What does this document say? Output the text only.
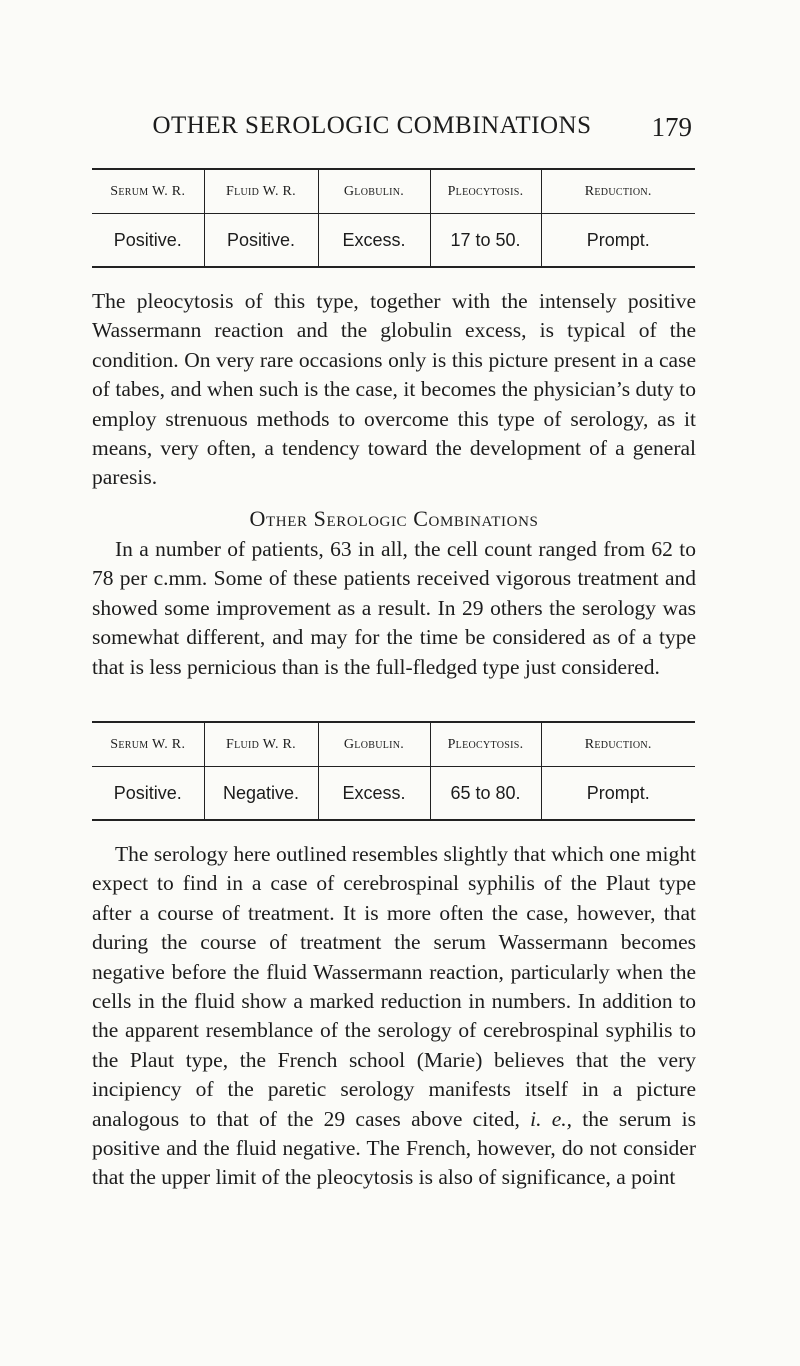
OTHER SEROLOGIC COMBINATIONS	179
Serum W. R.	Fluid W. R.	Globulin.	Pleocytosis.	Reduction.
Positive.	Positive.	Excess.	17 to 50.	Prompt.

The pleocytosis of this type, together with the intensely positive Wassermann reaction and the globulin excess, is typical of the condition. On very rare occasions only is this picture present in a case of tabes, and when such is the case, it becomes the physician’s duty to employ strenuous methods to overcome this type of serology, as it means, very often, a tendency toward the development of a general paresis.

Other Serologic Combinations

In a number of patients, 63 in all, the cell count ranged from 62 to 78 per c.mm. Some of these patients received vigorous treatment and showed some improvement as a result. In 29 others the serology was somewhat different, and may for the time be considered as of a type that is less pernicious than is the full-fledged type just considered.

Serum W. R.	Fluid W. R.	Globulin.	Pleocytosis.	Reduction.
Positive.	Negative.	Excess.	65 to 80.	Prompt.

The serology here outlined resembles slightly that which one might expect to find in a case of cerebrospinal syphilis of the Plaut type after a course of treatment. It is more often the case, however, that during the course of treatment the serum Wassermann becomes negative before the fluid Wassermann reaction, particularly when the cells in the fluid show a marked reduction in numbers. In addition to the apparent resemblance of the serology of cerebrospinal syphilis to the Plaut type, the French school (Marie) believes that the very incipiency of the paretic serology manifests itself in a picture analogous to that of the 29 cases above cited, i. e., the serum is positive and the fluid negative. The French, however, do not consider that the upper limit of the pleocytosis is also of significance, a point
